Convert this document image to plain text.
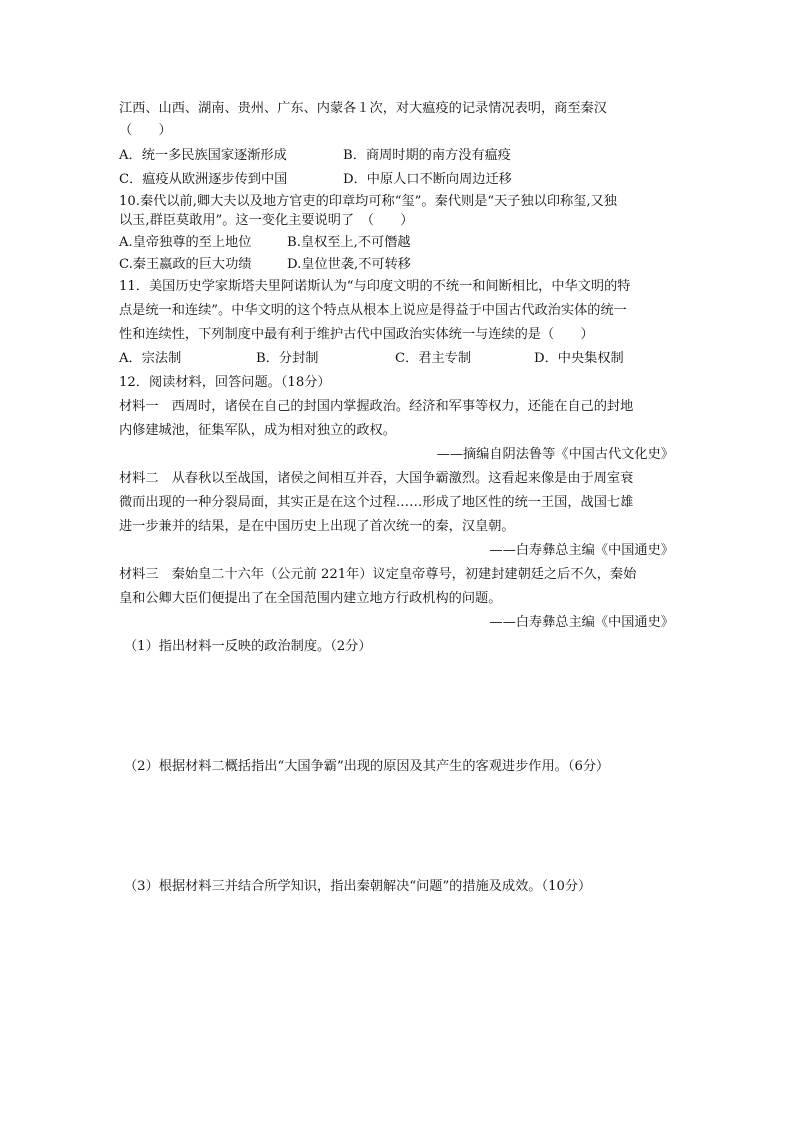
江西、山西、湖南、贵州、广东、内蒙各１次，对大瘟疫的记录情况表明，商至秦汉
（　　）
A．统一多民族国家逐渐形成	B．商周时期的南方没有瘟疫
C．瘟疫从欧洲逐步传到中国	D．中原人口不断向周边迁移
10.秦代以前,卿大夫以及地方官吏的印章均可称“玺”。秦代则是“天子独以印称玺,又独
以玉,群臣莫敢用”。这一变化主要说明了　（　　）
A.皇帝独尊的至上地位	B.皇权至上,不可僭越
C.秦王嬴政的巨大功绩	D.皇位世袭,不可转移
11．美国历史学家斯塔夫里阿诺斯认为“与印度文明的不统一和间断相比，中华文明的特
点是统一和连续”。中华文明的这个特点从根本上说应是得益于中国古代政治实体的统一
性和连续性，下列制度中最有利于维护古代中国政治实体统一与连续的是（　　）
A．宗法制	B．分封制	C．君主专制	D．中央集权制
12．阅读材料，回答问题。（18分）
材料一　西周时，诸侯在自己的封国内掌握政治。经济和军事等权力，还能在自己的封地
内修建城池，征集军队，成为相对独立的政权。
——摘编自阴法鲁等《中国古代文化史》
材料二　从春秋以至战国，诸侯之间相互并吞，大国争霸激烈。这看起来像是由于周室衰
微而出现的一种分裂局面，其实正是在这个过程……形成了地区性的统一王国，战国七雄
进一步兼并的结果，是在中国历史上出现了首次统一的秦，汉皇朝。
——白寿彝总主编《中国通史》
材料三　秦始皇二十六年（公元前 221年）议定皇帝尊号，初建封建朝廷之后不久，秦始
皇和公卿大臣们便提出了在全国范围内建立地方行政机构的问题。
——白寿彝总主编《中国通史》
（1）指出材料一反映的政治制度。（2分）
（2）根据材料二概括指出“大国争霸”出现的原因及其产生的客观进步作用。（6分）
（3）根据材料三并结合所学知识，指出秦朝解决“问题”的措施及成效。（10分）
